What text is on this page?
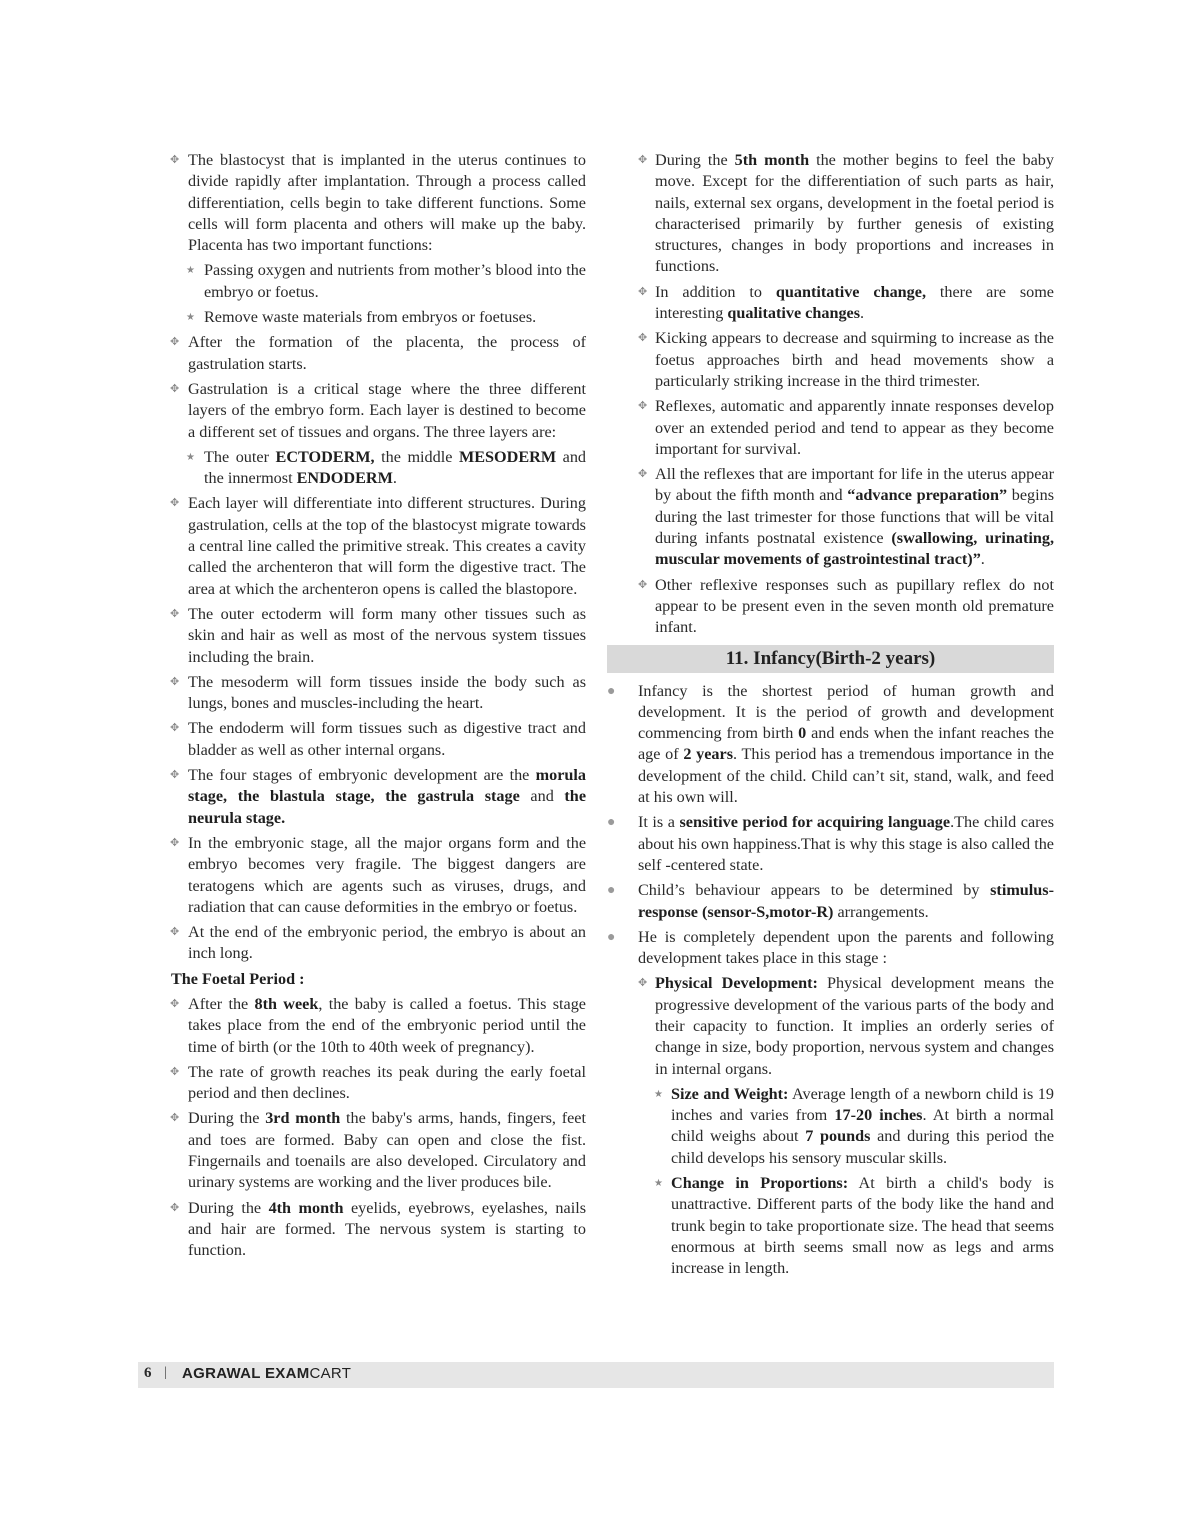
✥ The blastocyst that is implanted in the uterus continues to divide rapidly after implantation. Through a process called differentiation, cells begin to take different functions. Some cells will form placenta and others will make up the baby. Placenta has two important functions:
★ Passing oxygen and nutrients from mother’s blood into the embryo or foetus.
★ Remove waste materials from embryos or foetuses.
✥ After the formation of the placenta, the process of gastrulation starts.
✥ Gastrulation is a critical stage where the three different layers of the embryo form. Each layer is destined to become a different set of tissues and organs. The three layers are:
★ The outer ECTODERM, the middle MESODERM and the innermost ENDODERM.
✥ Each layer will differentiate into different structures. During gastrulation, cells at the top of the blastocyst migrate towards a central line called the primitive streak. This creates a cavity called the archenteron that will form the digestive tract. The area at which the archenteron opens is called the blastopore.
✥ The outer ectoderm will form many other tissues such as skin and hair as well as most of the nervous system tissues including the brain.
✥ The mesoderm will form tissues inside the body such as lungs, bones and muscles-including the heart.
✥ The endoderm will form tissues such as digestive tract and bladder as well as other internal organs.
✥ The four stages of embryonic development are the morula stage, the blastula stage, the gastrula stage and the neurula stage.
✥ In the embryonic stage, all the major organs form and the embryo becomes very fragile. The biggest dangers are teratogens which are agents such as viruses, drugs, and radiation that can cause deformities in the embryo or foetus.
✥ At the end of the embryonic period, the embryo is about an inch long.
The Foetal Period :
✥ After the 8th week, the baby is called a foetus. This stage takes place from the end of the embryonic period until the time of birth (or the 10th to 40th week of pregnancy).
✥ The rate of growth reaches its peak during the early foetal period and then declines.
✥ During the 3rd month the baby's arms, hands, fingers, feet and toes are formed. Baby can open and close the fist. Fingernails and toenails are also developed. Circulatory and urinary systems are working and the liver produces bile.
✥ During the 4th month eyelids, eyebrows, eyelashes, nails and hair are formed. The nervous system is starting to function.
✥ During the 5th month the mother begins to feel the baby move. Except for the differentiation of such parts as hair, nails, external sex organs, development in the foetal period is characterised primarily by further genesis of existing structures, changes in body proportions and increases in functions.
✥ In addition to quantitative change, there are some interesting qualitative changes.
✥ Kicking appears to decrease and squirming to increase as the foetus approaches birth and head movements show a particularly striking increase in the third trimester.
✥ Reflexes, automatic and apparently innate responses develop over an extended period and tend to appear as they become important for survival.
✥ All the reflexes that are important for life in the uterus appear by about the fifth month and “advance preparation” begins during the last trimester for those functions that will be vital during infants postnatal existence (swallowing, urinating, muscular movements of gastrointestinal tract)”.
✥ Other reflexive responses such as pupillary reflex do not appear to be present even in the seven month old premature infant.
11. Infancy(Birth-2 years)
● Infancy is the shortest period of human growth and development. It is the period of growth and development commencing from birth 0 and ends when the infant reaches the age of 2 years. This period has a tremendous importance in the development of the child. Child can’t sit, stand, walk, and feed at his own will.
● It is a sensitive period for acquiring language.The child cares about his own happiness.That is why this stage is also called the self -centered state.
● Child’s behaviour appears to be determined by stimulus-response (sensor-S,motor-R) arrangements.
● He is completely dependent upon the parents and following development takes place in this stage :
✥ Physical Development: Physical development means the progressive development of the various parts of the body and their capacity to function. It implies an orderly series of change in size, body proportion, nervous system and changes in internal organs.
★ Size and Weight: Average length of a newborn child is 19 inches and varies from 17-20 inches. At birth a normal child weighs about 7 pounds and during this period the child develops his sensory muscular skills.
★ Change in Proportions: At birth a child's body is unattractive. Different parts of the body like the hand and trunk begin to take proportionate size. The head that seems enormous at birth seems small now as legs and arms increase in length.
6 | AGRAWAL EXAMCART
